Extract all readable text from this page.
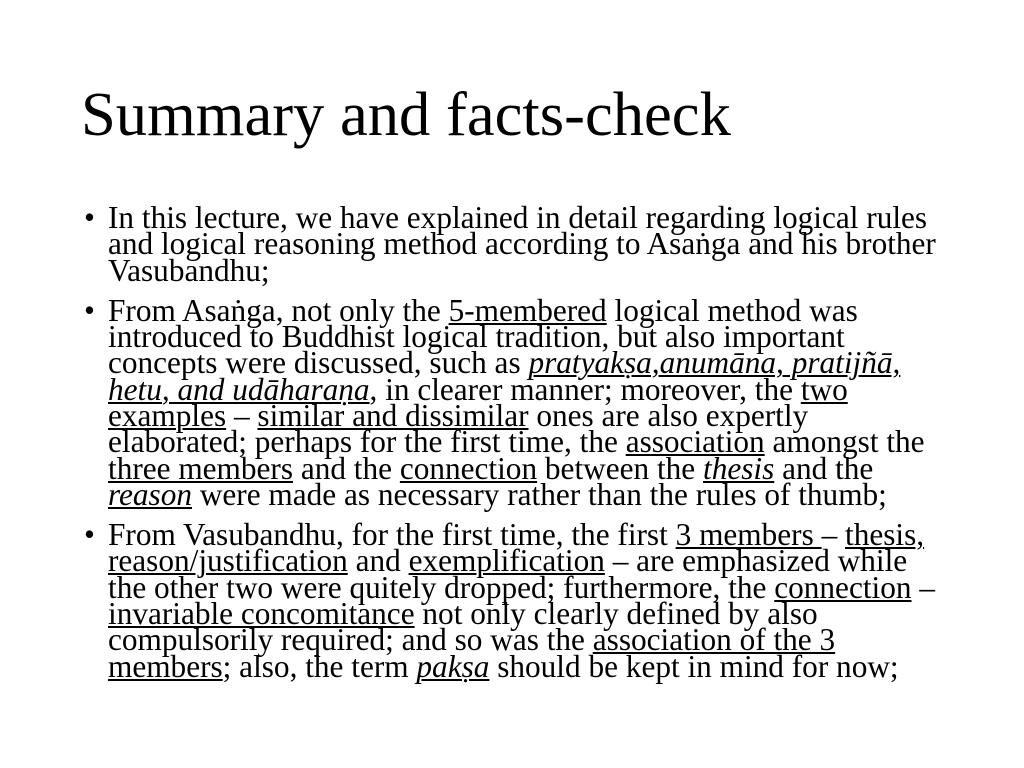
Summary and facts-check
• In this lecture, we have explained in detail regarding logical rules
and logical reasoning method according to Asaṅga and his brother
Vasubandhu;
• From Asaṅga, not only the 5-membered logical method was
introduced to Buddhist logical tradition, but also important
concepts were discussed, such as pratyakṣa,anumāna, pratijñā,
hetu, and udāharaṇa, in clearer manner; moreover, the two
examples – similar and dissimilar ones are also expertly
elaborated; perhaps for the first time, the association amongst the
three members and the connection between the thesis and the
reason were made as necessary rather than the rules of thumb;
• From Vasubandhu, for the first time, the first 3 members – thesis,
reason/justification and exemplification – are emphasized while
the other two were quitely dropped; furthermore, the connection –
invariable concomitance not only clearly defined by also
compulsorily required; and so was the association of the 3
members; also, the term pakṣa should be kept in mind for now;
